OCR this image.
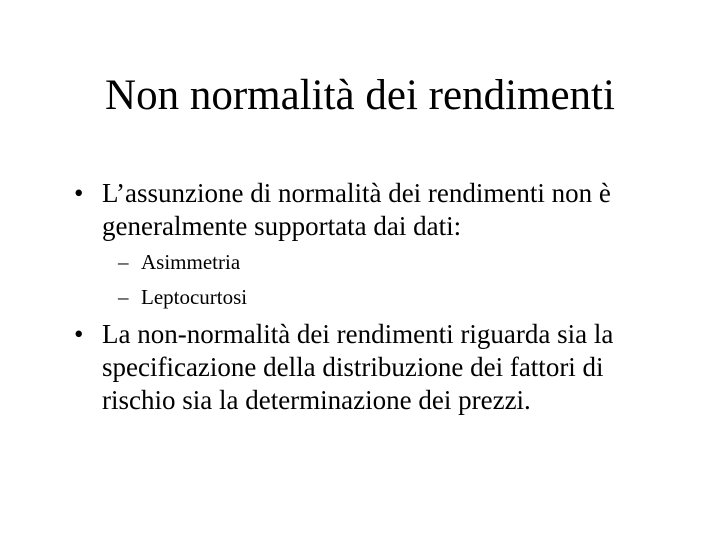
Non normalità dei rendimenti
• L’assunzione di normalità dei rendimenti non è
generalmente supportata dai dati:
– Asimmetria
– Leptocurtosi
• La non-normalità dei rendimenti riguarda sia la
specificazione della distribuzione dei fattori di
rischio sia la determinazione dei prezzi.
